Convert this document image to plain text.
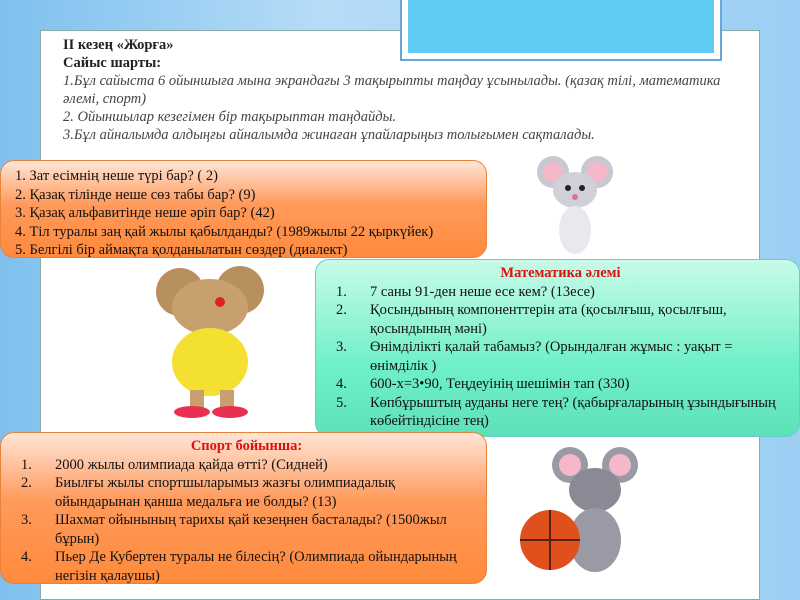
ІІ кезең «Жорға»
Сайыс шарты:
1.Бұл сайыста 6 ойыншыға мына экрандағы 3 тақырыпты таңдау ұсынылады. (қазақ тілі, математика әлемі, спорт)
2. Ойыншылар кезегімен бір тақырыптан таңдайды.
3.Бұл айналымда алдыңғы айналымда жинаған ұпайларыңыз толығымен сақталады.
1. Зат есімнің неше түрі бар? ( 2)
2. Қазақ тілінде неше сөз табы бар? (9)
3. Қазақ альфавитінде неше әріп бар? (42)
4. Тіл туралы заң қай жылы қабылданды? (1989жылы 22 қыркүйек)
5. Белгілі бір аймақта қолданылатын сөздер (диалект)
Математика әлемі
1.	7 саны 91-ден неше есе кем? (13есе)
2.	Қосындының компоненттерін ата (қосылғыш, қосылғыш, қосындының мәні)
3.	Өнімділікті қалай табамыз? (Орындалған жұмыс : уақыт = өнімділік )
4.	600-x=3•90, Теңдеуінің шешімін тап (330)
5.	Көпбұрыштың ауданы неге тең? (қабырғаларының ұзындығының көбейтіндісіне тең)
Спорт бойынша:
1.	2000 жылы олимпиада қайда өтті? (Сидней)
2.	Биылғы жылы спортшыларымыз жазғы олимпиадалық ойындарынан қанша медальға ие болды? (13)
3.	Шахмат ойынының тарихы қай кезеңнен басталады? (1500жыл бұрын)
4.	Пьер Де Кубертен туралы не білесің? (Олимпиада ойындарының негізін қалаушы)
